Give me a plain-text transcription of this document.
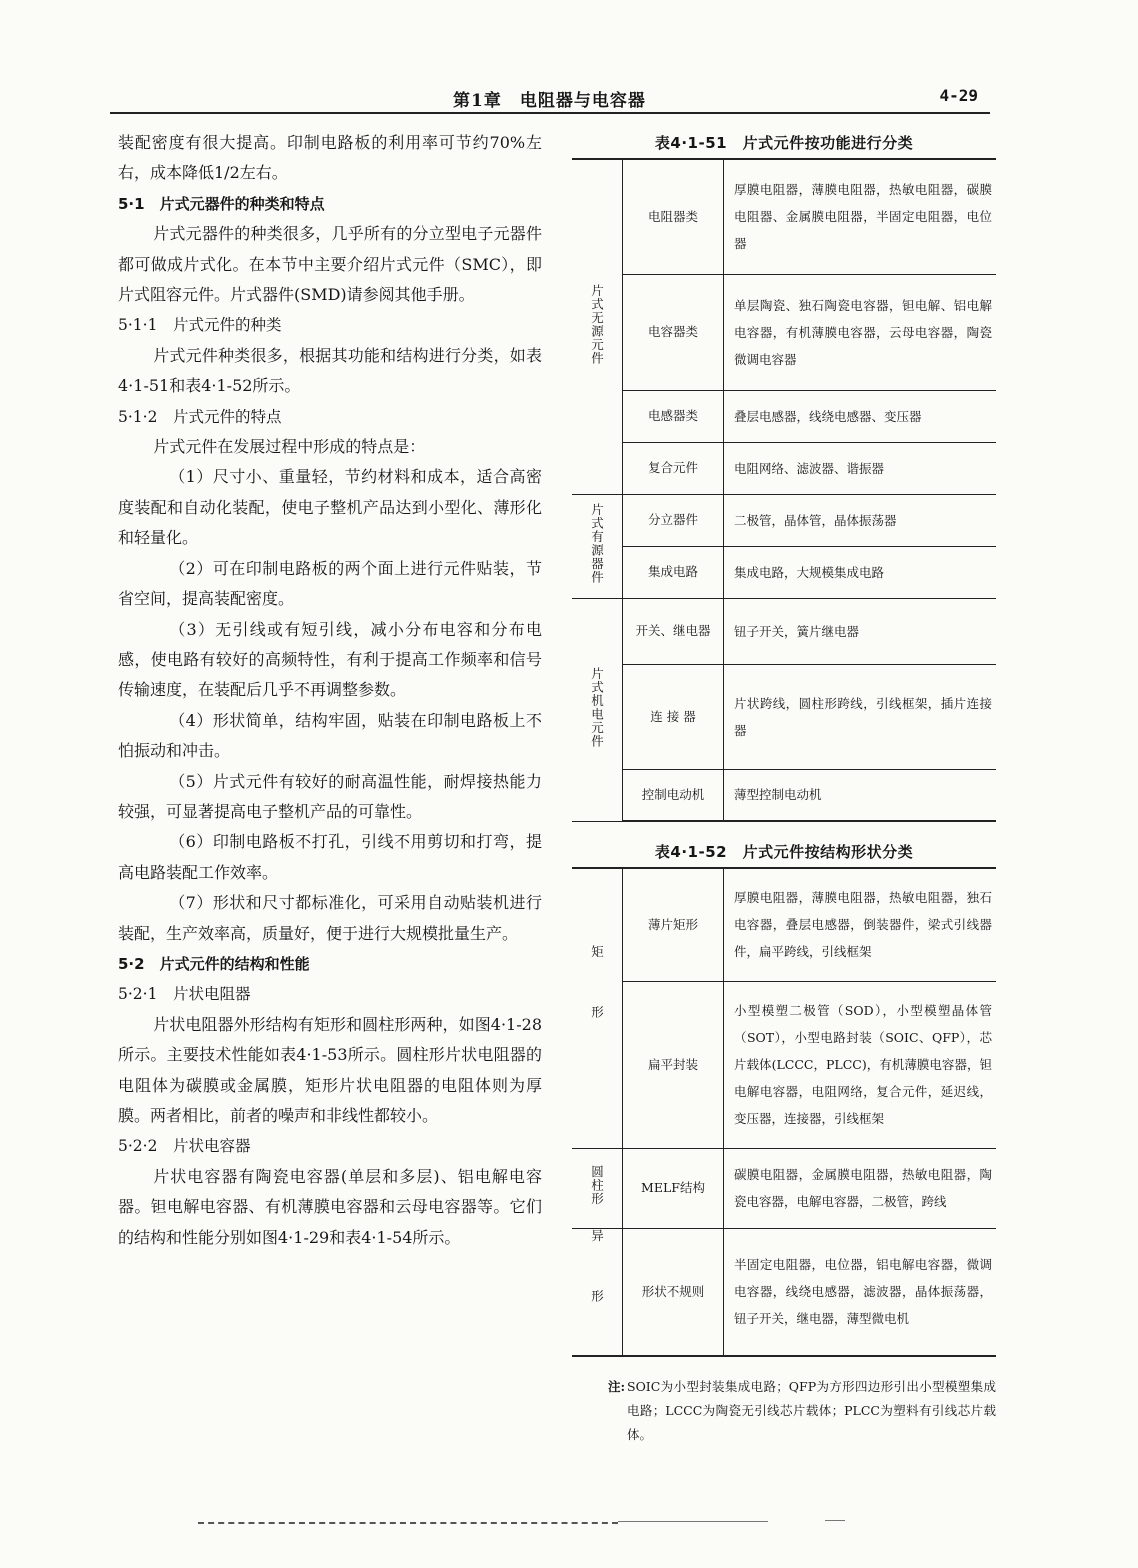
第1章　电阻器与电容器	4-29

装配密度有很大提高。印制电路板的利用率可节约70%左右，成本降低1/2左右。

5·1　片式元器件的种类和特点

片式元器件的种类很多，几乎所有的分立型电子元器件都可做成片式化。在本节中主要介绍片式元件（SMC），即片式阻容元件。片式器件(SMD)请参阅其他手册。

5·1·1　片式元件的种类

片式元件种类很多，根据其功能和结构进行分类，如表4·1-51和表4·1-52所示。

5·1·2　片式元件的特点

片式元件在发展过程中形成的特点是：

（1）尺寸小、重量轻，节约材料和成本，适合高密度装配和自动化装配，使电子整机产品达到小型化、薄形化和轻量化。

（2）可在印制电路板的两个面上进行元件贴装，节省空间，提高装配密度。

（3）无引线或有短引线，减小分布电容和分布电感，使电路有较好的高频特性，有利于提高工作频率和信号传输速度，在装配后几乎不再调整参数。

（4）形状简单，结构牢固，贴装在印制电路板上不怕振动和冲击。

（5）片式元件有较好的耐高温性能，耐焊接热能力较强，可显著提高电子整机产品的可靠性。

（6）印制电路板不打孔，引线不用剪切和打弯，提高电路装配工作效率。

（7）形状和尺寸都标准化，可采用自动贴装机进行装配，生产效率高，质量好，便于进行大规模批量生产。

5·2　片式元件的结构和性能

5·2·1　片状电阻器

片状电阻器外形结构有矩形和圆柱形两种，如图4·1-28所示。主要技术性能如表4·1-53所示。圆柱形片状电阻器的电阻体为碳膜或金属膜，矩形片状电阻器的电阻体则为厚膜。两者相比，前者的噪声和非线性都较小。

5·2·2　片状电容器

片状电容器有陶瓷电容器(单层和多层)、铝电解电容器。钽电解电容器、有机薄膜电容器和云母电容器等。它们的结构和性能分别如图4·1-29和表4·1-54所示。

表4·1-51　片式元件按功能进行分类
片式无源元件	电阻器类	厚膜电阻器，薄膜电阻器，热敏电阻器，碳膜电阻器、金属膜电阻器，半固定电阻器，电位器
	电容器类	单层陶瓷、独石陶瓷电容器，钽电解、铝电解电容器，有机薄膜电容器，云母电容器，陶瓷微调电容器
	电感器类	叠层电感器，线绕电感器、变压器
	复合元件	电阻网络、滤波器、谐振器
片式有源器件	分立器件	二极管，晶体管，晶体振荡器
	集成电路	集成电路，大规模集成电路
片式机电元件	开关、继电器	钮子开关，簧片继电器
	连 接 器	片状跨线，圆柱形跨线，引线框架，插片连接器
	控制电动机	薄型控制电动机
表4·1-52　片式元件按结构形状分类
矩形	薄片矩形	厚膜电阻器，薄膜电阻器，热敏电阻器，独石电容器，叠层电感器，倒装器件，梁式引线器件，扁平跨线，引线框架
	扁平封装	小型模塑二极管（SOD），小型模塑晶体管（SOT），小型电路封装（SOIC、QFP），芯片载体(LCCC，PLCC)，有机薄膜电容器，钽电解电容器，电阻网络，复合元件，延迟线，变压器，连接器，引线框架
圆柱形	MELF结构	碳膜电阻器，金属膜电阻器，热敏电阻器，陶瓷电容器，电解电容器，二极管，跨线
异形	形状不规则	半固定电阻器，电位器，铝电解电容器，微调电容器，线绕电感器，滤波器，晶体振荡器，钮子开关，继电器，薄型微电机
注: SOIC为小型封装集成电路；QFP为方形四边形引出小型模塑集成电路；LCCC为陶瓷无引线芯片载体；PLCC为塑料有引线芯片载体。
